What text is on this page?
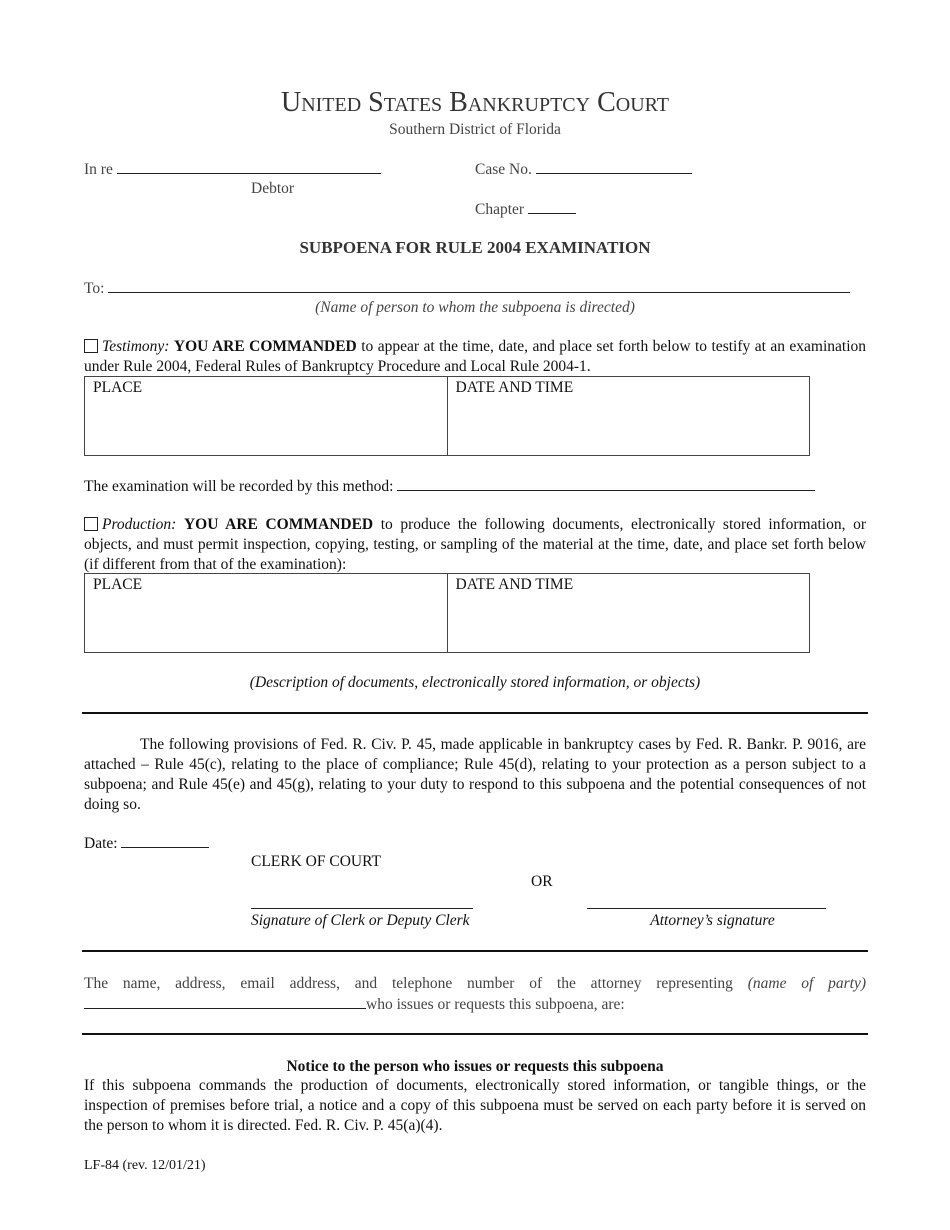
United States Bankruptcy Court
Southern District of Florida
In re
Debtor
Case No.
Chapter
SUBPOENA FOR RULE 2004 EXAMINATION
To:
(Name of person to whom the subpoena is directed)
Testimony: YOU ARE COMMANDED to appear at the time, date, and place set forth below to testify at an examination under Rule 2004, Federal Rules of Bankruptcy Procedure and Local Rule 2004-1.
PLACE	DATE AND TIME
The examination will be recorded by this method:
Production: YOU ARE COMMANDED to produce the following documents, electronically stored information, or objects, and must permit inspection, copying, testing, or sampling of the material at the time, date, and place set forth below (if different from that of the examination):
PLACE	DATE AND TIME
(Description of documents, electronically stored information, or objects)
The following provisions of Fed. R. Civ. P. 45, made applicable in bankruptcy cases by Fed. R. Bankr. P. 9016, are attached – Rule 45(c), relating to the place of compliance; Rule 45(d), relating to your protection as a person subject to a subpoena; and Rule 45(e) and 45(g), relating to your duty to respond to this subpoena and the potential consequences of not doing so.
Date:
CLERK OF COURT
OR
Signature of Clerk or Deputy Clerk	Attorney’s signature
The name, address, email address, and telephone number of the attorney representing (name of party)
who issues or requests this subpoena, are:
Notice to the person who issues or requests this subpoena
If this subpoena commands the production of documents, electronically stored information, or tangible things, or the inspection of premises before trial, a notice and a copy of this subpoena must be served on each party before it is served on the person to whom it is directed. Fed. R. Civ. P. 45(a)(4).
LF-84 (rev. 12/01/21)
